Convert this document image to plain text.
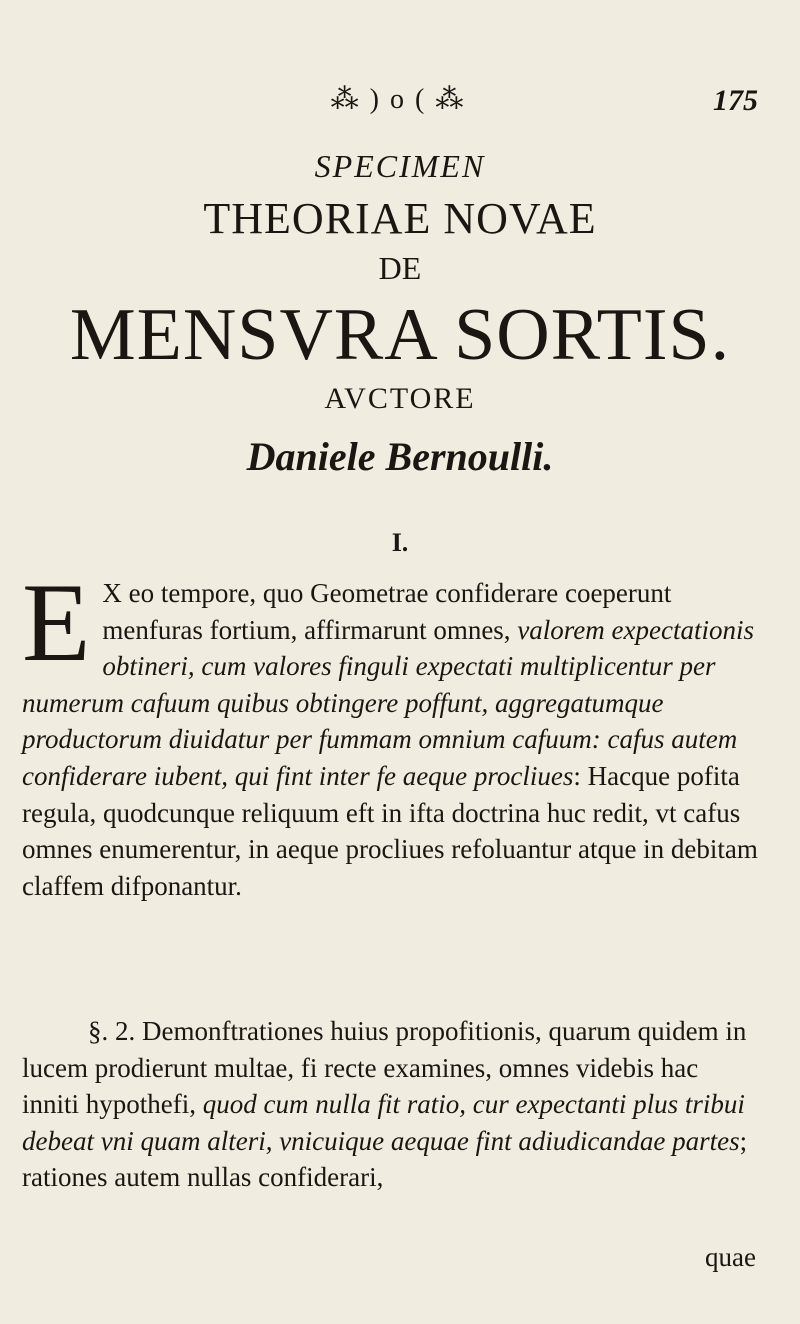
⁂ ) o ( ⁂	175
SPECIMEN
THEORIAE NOVAE
DE
MENSVRA SORTIS.
AVCTORE
Daniele Bernoulli.
I.
E X eo tempore, quo Geometrae confiderare coeperunt menfuras fortium, affirmarunt omnes, valorem expectationis obtineri, cum valores finguli expectati multiplicentur per numerum cafuum quibus obtingere poffunt, aggregatumque productorum diuidatur per fummam omnium cafuum: cafus autem confiderare iubent, qui fint inter fe aeque procliues: Hacque pofita regula, quodcunque reliquum eft in ifta doctrina huc redit, vt cafus omnes enumerentur, in aeque procliues refoluantur atque in debitam claffem difponantur.
§. 2. Demonftrationes huius propofitionis, quarum quidem in lucem prodierunt multae, fi recte examines, omnes videbis hac inniti hypothefi, quod cum nulla fit ratio, cur expectanti plus tribui debeat vni quam alteri, vnicuique aequae fint adiudicandae partes; rationes autem nullas confiderari,
quae
